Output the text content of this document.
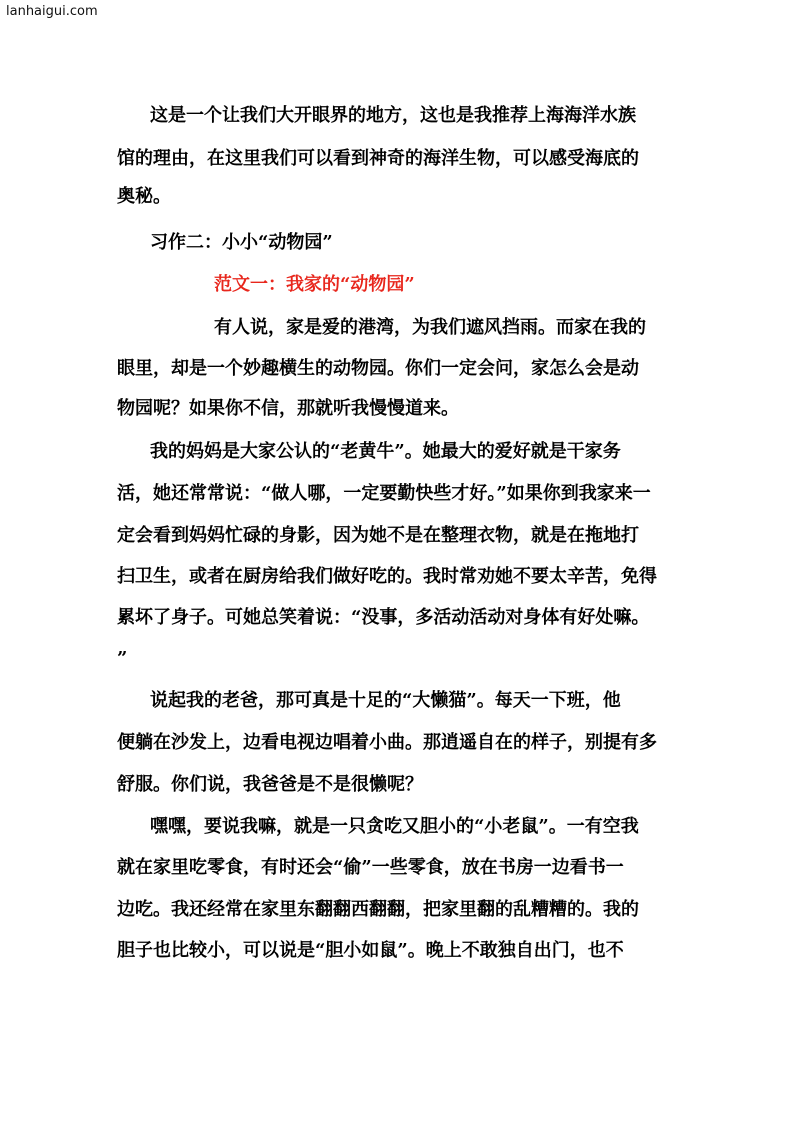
lanhaigui.com
这是一个让我们大开眼界的地方，这也是我推荐上海海洋水族
馆的理由，在这里我们可以看到神奇的海洋生物，可以感受海底的
奥秘。
习作二：小小“动物园”
范文一：我家的“动物园”
有人说，家是爱的港湾，为我们遮风挡雨。而家在我的
眼里，却是一个妙趣横生的动物园。你们一定会问，家怎么会是动
物园呢？如果你不信，那就听我慢慢道来。
我的妈妈是大家公认的“老黄牛”。她最大的爱好就是干家务
活，她还常常说：“做人哪，一定要勤快些才好。”如果你到我家来一
定会看到妈妈忙碌的身影，因为她不是在整理衣物，就是在拖地打
扫卫生，或者在厨房给我们做好吃的。我时常劝她不要太辛苦，免得
累坏了身子。可她总笑着说：“没事，多活动活动对身体有好处嘛。
”
说起我的老爸，那可真是十足的“大懒猫”。每天一下班，他
便躺在沙发上，边看电视边唱着小曲。那逍遥自在的样子，别提有多
舒服。你们说，我爸爸是不是很懒呢？
嘿嘿，要说我嘛，就是一只贪吃又胆小的“小老鼠”。一有空我
就在家里吃零食，有时还会“偷”一些零食，放在书房一边看书一
边吃。我还经常在家里东翻翻西翻翻，把家里翻的乱糟糟的。我的
胆子也比较小，可以说是“胆小如鼠”。晚上不敢独自出门，也不
